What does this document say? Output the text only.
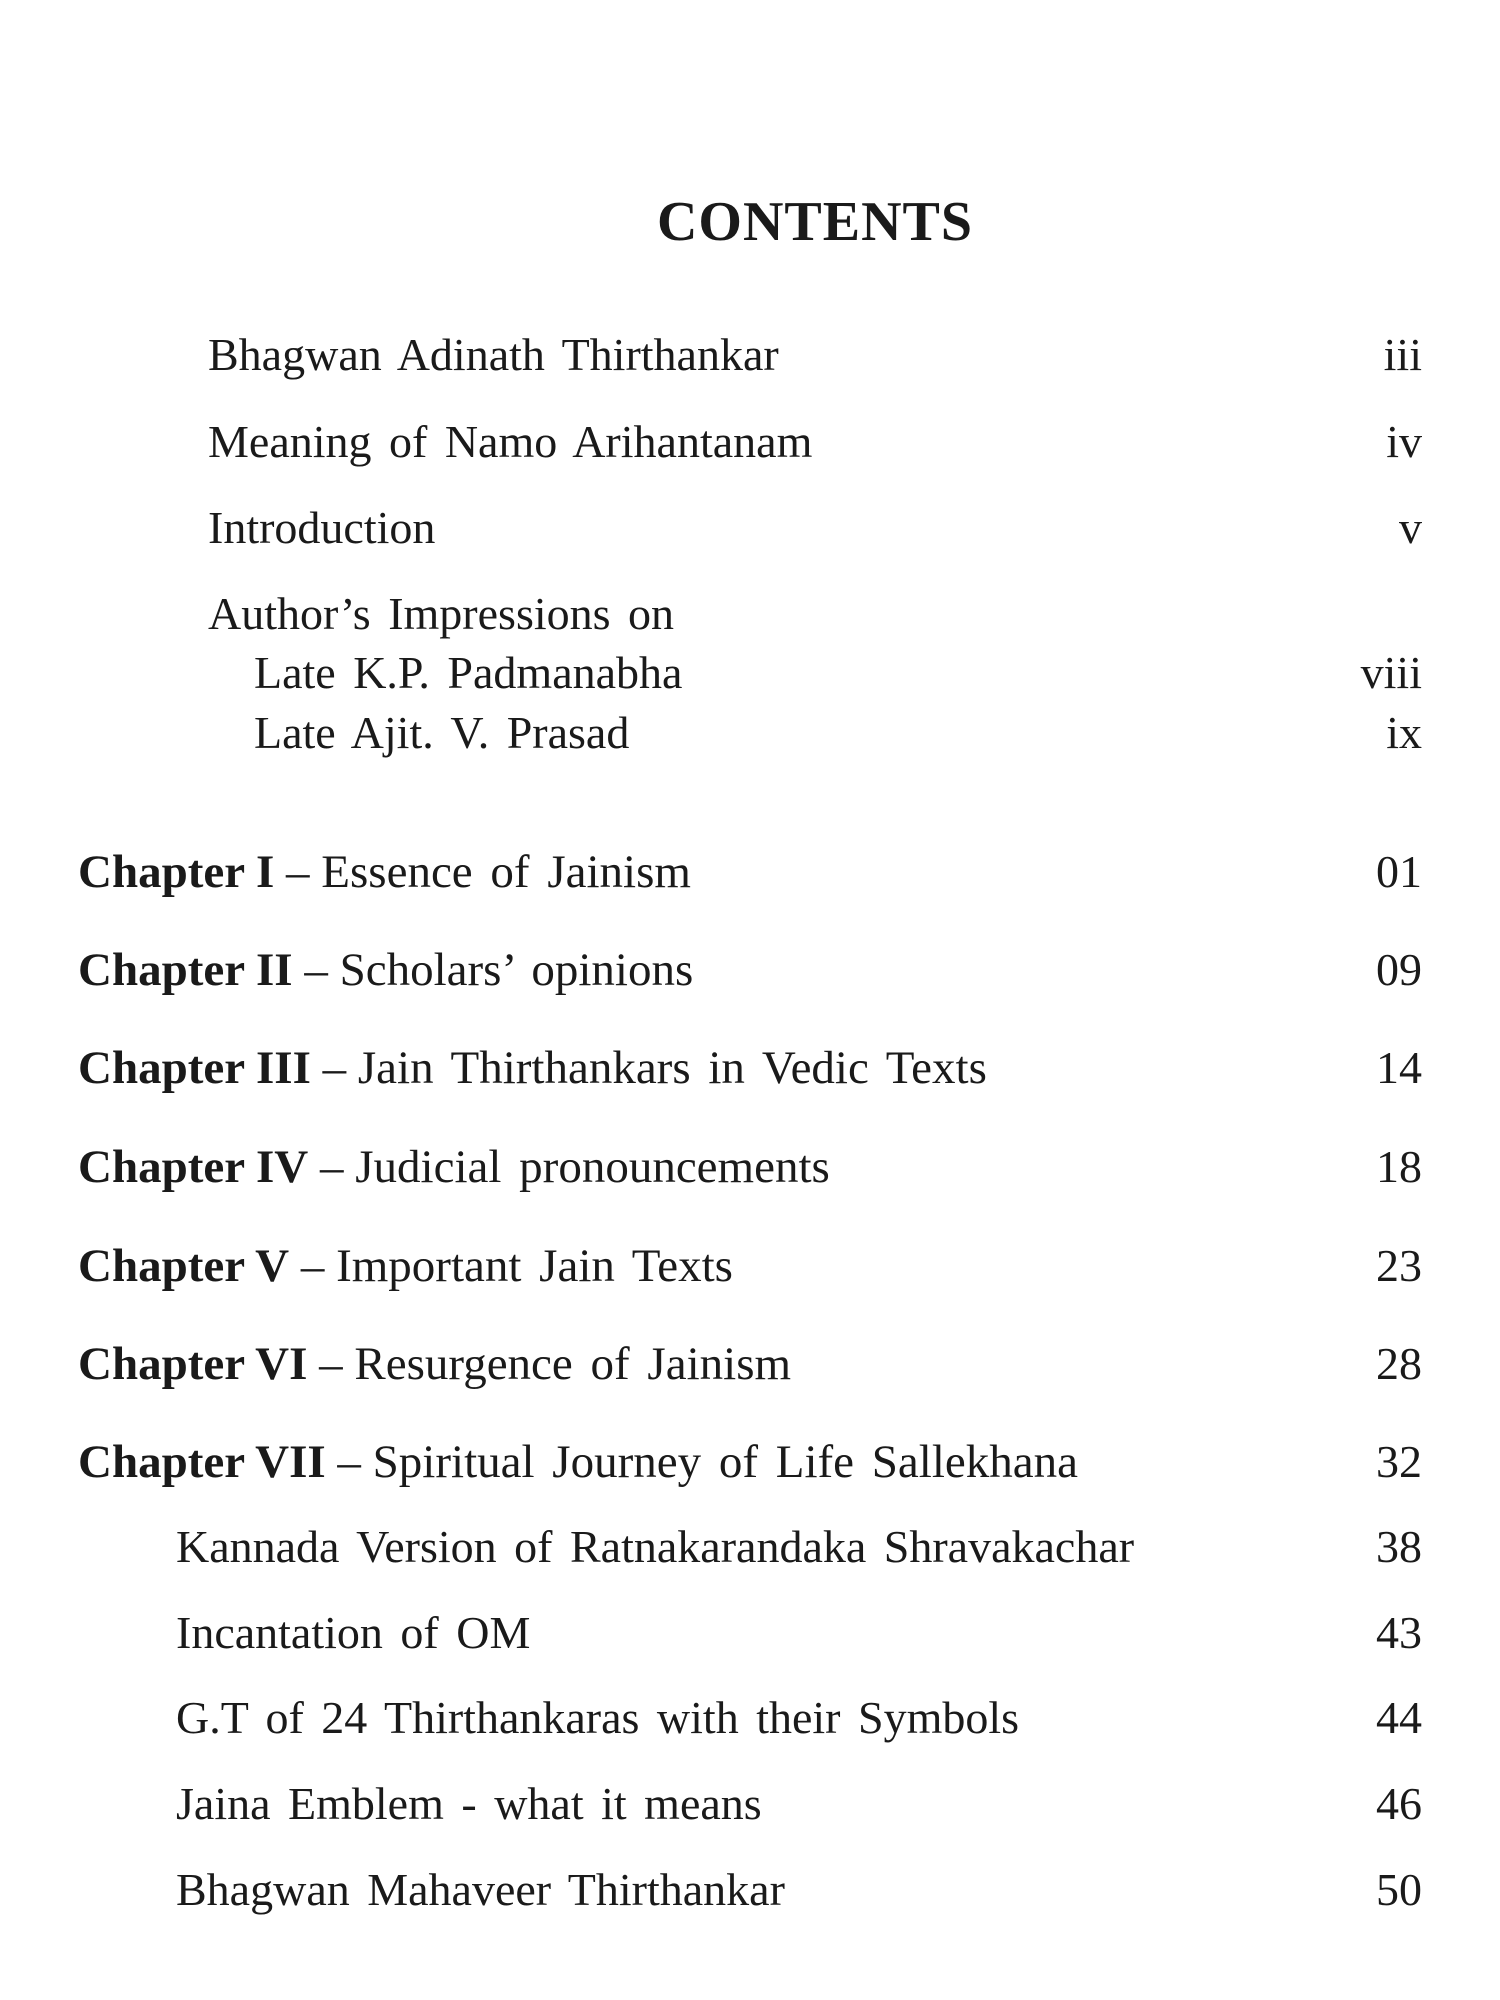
CONTENTS
Bhagwan Adinath Thirthankar	iii
Meaning of Namo Arihantanam	iv
Introduction	v
Author’s Impressions on
Late K.P. Padmanabha	viii
Late Ajit. V. Prasad	ix
Chapter I – Essence of Jainism	01
Chapter II – Scholars’ opinions	09
Chapter III – Jain Thirthankars in Vedic Texts	14
Chapter IV – Judicial pronouncements	18
Chapter V – Important Jain Texts	23
Chapter VI – Resurgence of Jainism	28
Chapter VII – Spiritual Journey of Life Sallekhana	32
Kannada Version of Ratnakarandaka Shravakachar	38
Incantation of OM	43
G.T of 24 Thirthankaras with their Symbols	44
Jaina Emblem - what it means	46
Bhagwan Mahaveer Thirthankar	50
